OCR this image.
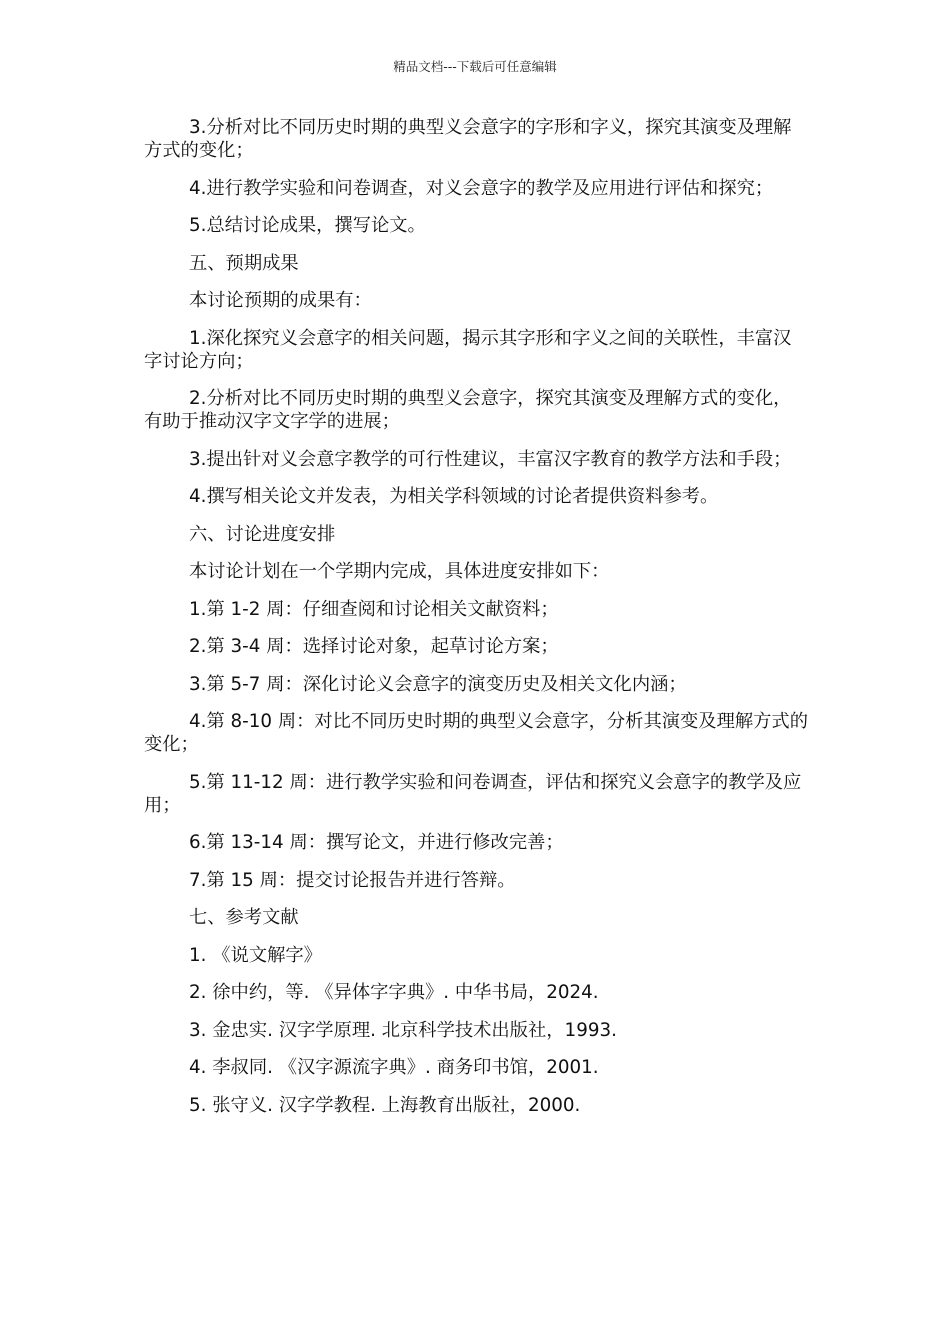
精品文档---下载后可任意编辑

3.分析对比不同历史时期的典型义会意字的字形和字义，探究其演变及理解方式的变化；

4.进行教学实验和问卷调查，对义会意字的教学及应用进行评估和探究；

5.总结讨论成果，撰写论文。

五、预期成果

本讨论预期的成果有：

1.深化探究义会意字的相关问题，揭示其字形和字义之间的关联性，丰富汉字讨论方向；

2.分析对比不同历史时期的典型义会意字，探究其演变及理解方式的变化，有助于推动汉字文字学的进展；

3.提出针对义会意字教学的可行性建议，丰富汉字教育的教学方法和手段；

4.撰写相关论文并发表，为相关学科领域的讨论者提供资料参考。

六、讨论进度安排

本讨论计划在一个学期内完成，具体进度安排如下：

1.第 1-2 周：仔细查阅和讨论相关文献资料；

2.第 3-4 周：选择讨论对象，起草讨论方案；

3.第 5-7 周：深化讨论义会意字的演变历史及相关文化内涵；

4.第 8-10 周：对比不同历史时期的典型义会意字，分析其演变及理解方式的变化；

5.第 11-12 周：进行教学实验和问卷调查，评估和探究义会意字的教学及应用；

6.第 13-14 周：撰写论文，并进行修改完善；

7.第 15 周：提交讨论报告并进行答辩。

七、参考文献

1. 《说文解字》

2. 徐中约，等. 《异体字字典》. 中华书局，2024.

3. 金忠实. 汉字学原理. 北京科学技术出版社，1993.

4. 李叔同. 《汉字源流字典》. 商务印书馆，2001.

5. 张守义. 汉字学教程. 上海教育出版社，2000.
